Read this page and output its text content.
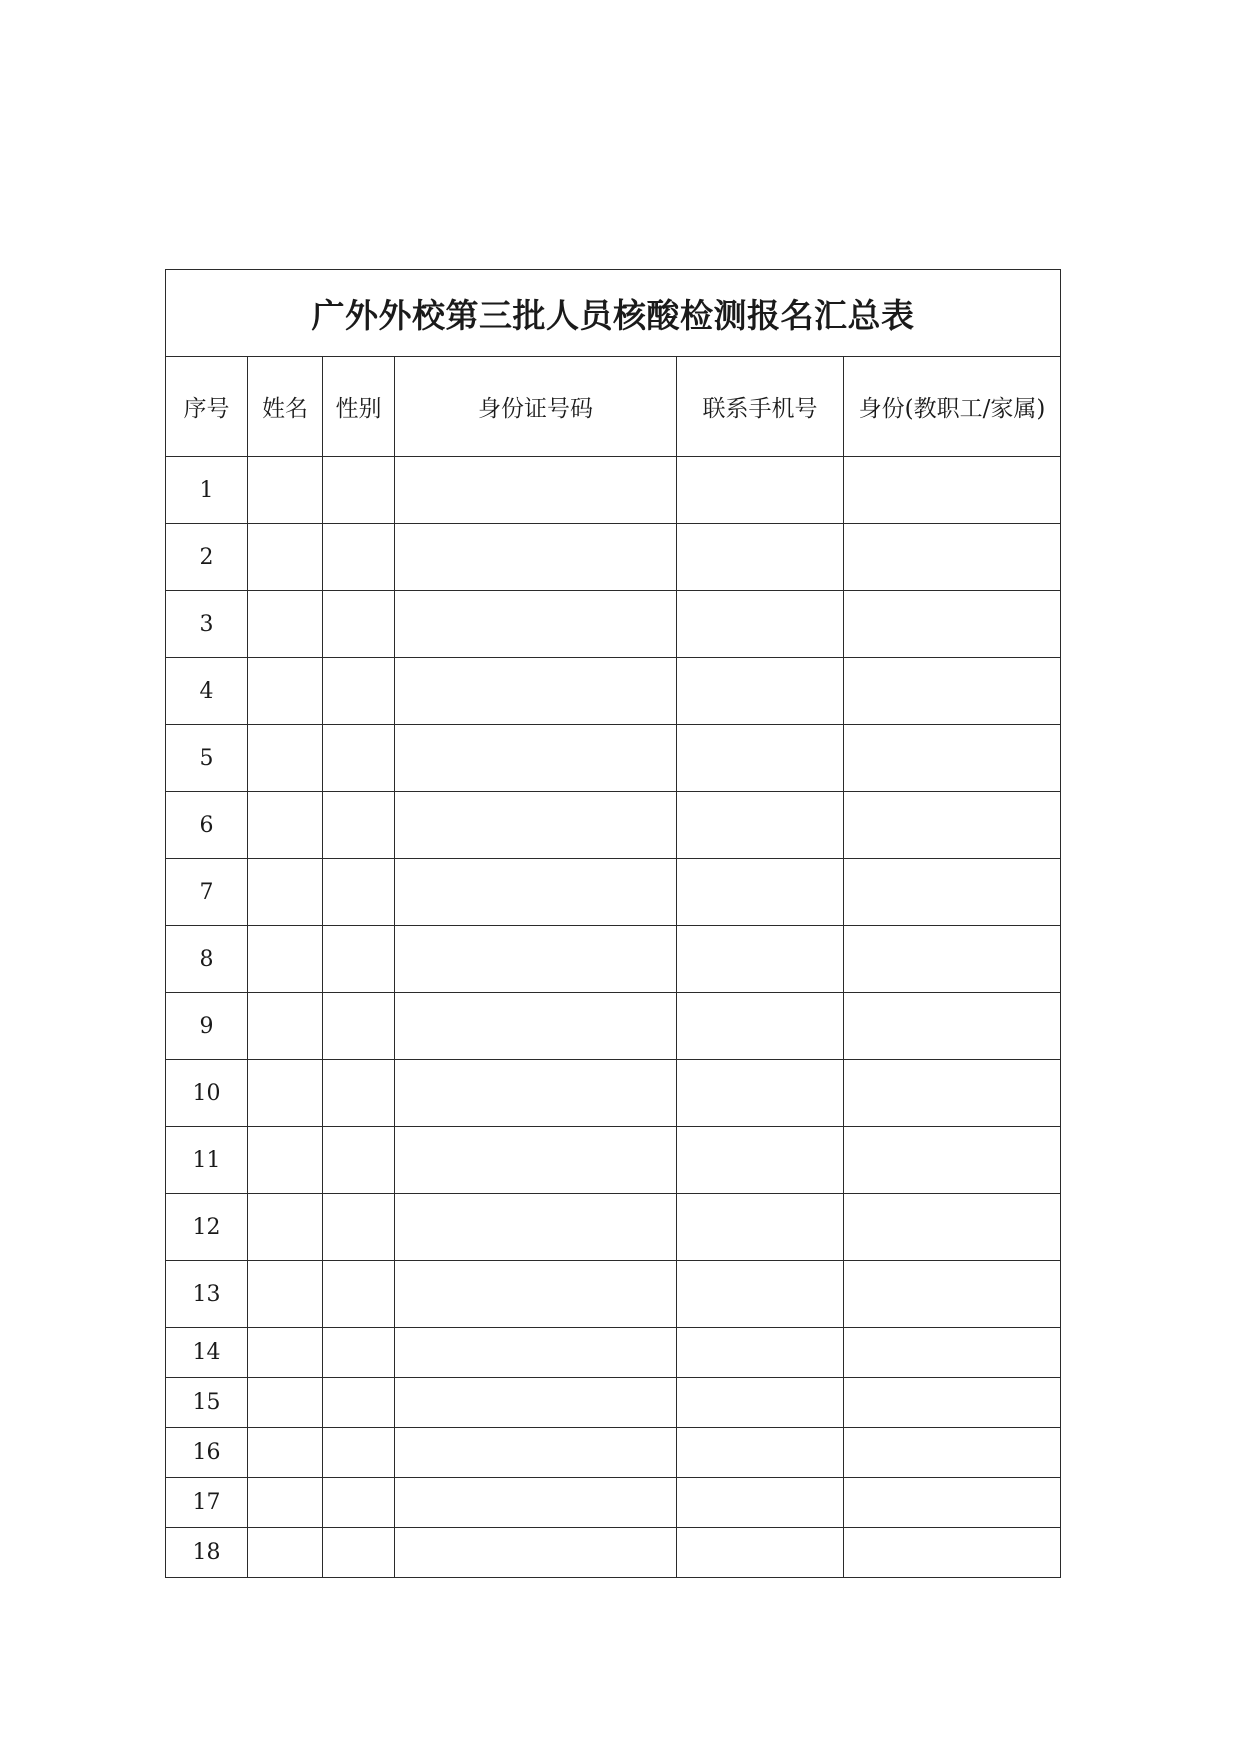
广外外校第三批人员核酸检测报名汇总表					
序号	姓名	性别	身份证号码	联系手机号	身份(教职工/家属)
1					
2					
3					
4					
5					
6					
7					
8					
9					
10					
11					
12					
13					
14					
15					
16					
17					
18					
